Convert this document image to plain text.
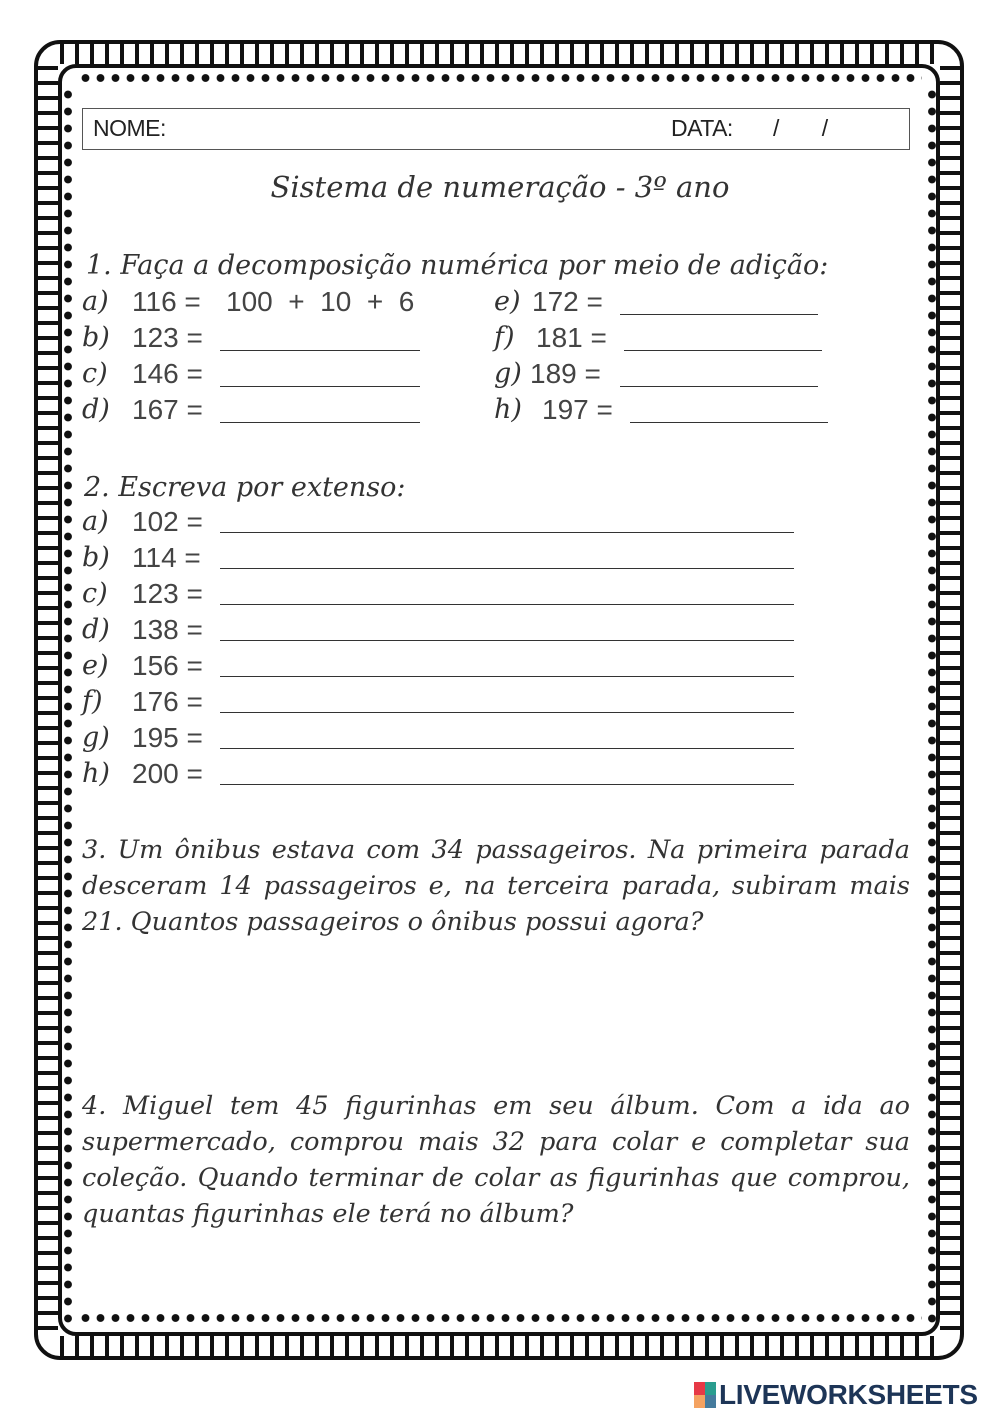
NOME:	DATA: / /
Sistema de numeração - 3º ano
1. Faça a decomposição numérica por meio de adição:
a) 116 = 100  +  10  +  6
b) 123 =
c) 146 =
d) 167 =
e) 172 =
f) 181 =
g) 189 =
h) 197 =
2. Escreva por extenso:
a) 102 =
b) 114 =
c) 123 =
d) 138 =
e) 156 =
f) 176 =
g) 195 =
h) 200 =
3. Um ônibus estava com 34 passageiros. Na primeira parada desceram 14 passageiros e, na terceira parada, subiram mais 21. Quantos passageiros o ônibus possui agora?
4. Miguel tem 45 figurinhas em seu álbum. Com a ida ao supermercado, comprou mais 32 para colar e completar sua coleção. Quando terminar de colar as figurinhas que comprou, quantas figurinhas ele terá no álbum?
LIVEWORKSHEETS
